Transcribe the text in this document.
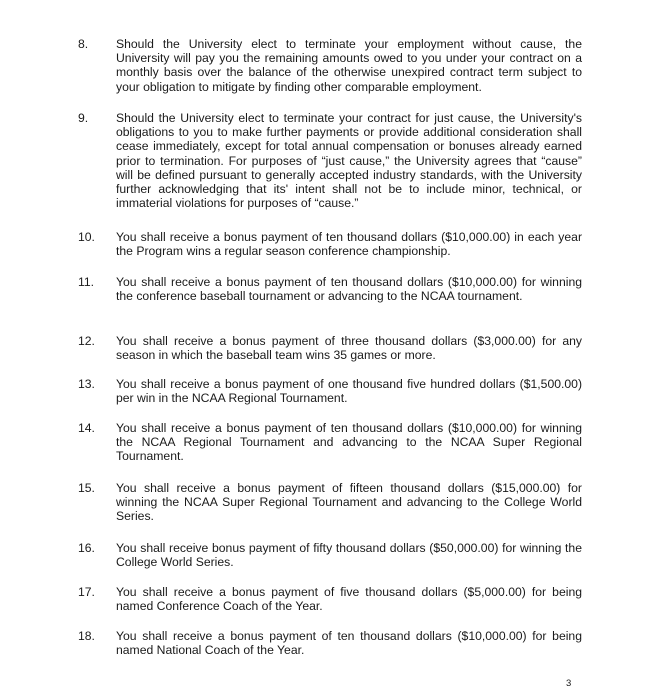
8. Should the University elect to terminate your employment without cause, the University will pay you the remaining amounts owed to you under your contract on a monthly basis over the balance of the otherwise unexpired contract term subject to your obligation to mitigate by finding other comparable employment.
9. Should the University elect to terminate your contract for just cause, the University's obligations to you to make further payments or provide additional consideration shall cease immediately, except for total annual compensation or bonuses already earned prior to termination. For purposes of “just cause,” the University agrees that “cause” will be defined pursuant to generally accepted industry standards, with the University further acknowledging that its' intent shall not be to include minor, technical, or immaterial violations for purposes of “cause.”
10. You shall receive a bonus payment of ten thousand dollars ($10,000.00) in each year the Program wins a regular season conference championship.
11. You shall receive a bonus payment of ten thousand dollars ($10,000.00) for winning the conference baseball tournament or advancing to the NCAA tournament.
12. You shall receive a bonus payment of three thousand dollars ($3,000.00) for any season in which the baseball team wins 35 games or more.
13. You shall receive a bonus payment of one thousand five hundred dollars ($1,500.00) per win in the NCAA Regional Tournament.
14. You shall receive a bonus payment of ten thousand dollars ($10,000.00) for winning the NCAA Regional Tournament and advancing to the NCAA Super Regional Tournament.
15. You shall receive a bonus payment of fifteen thousand dollars ($15,000.00) for winning the NCAA Super Regional Tournament and advancing to the College World Series.
16. You shall receive bonus payment of fifty thousand dollars ($50,000.00) for winning the College World Series.
17. You shall receive a bonus payment of five thousand dollars ($5,000.00) for being named Conference Coach of the Year.
18. You shall receive a bonus payment of ten thousand dollars ($10,000.00) for being named National Coach of the Year.
3
